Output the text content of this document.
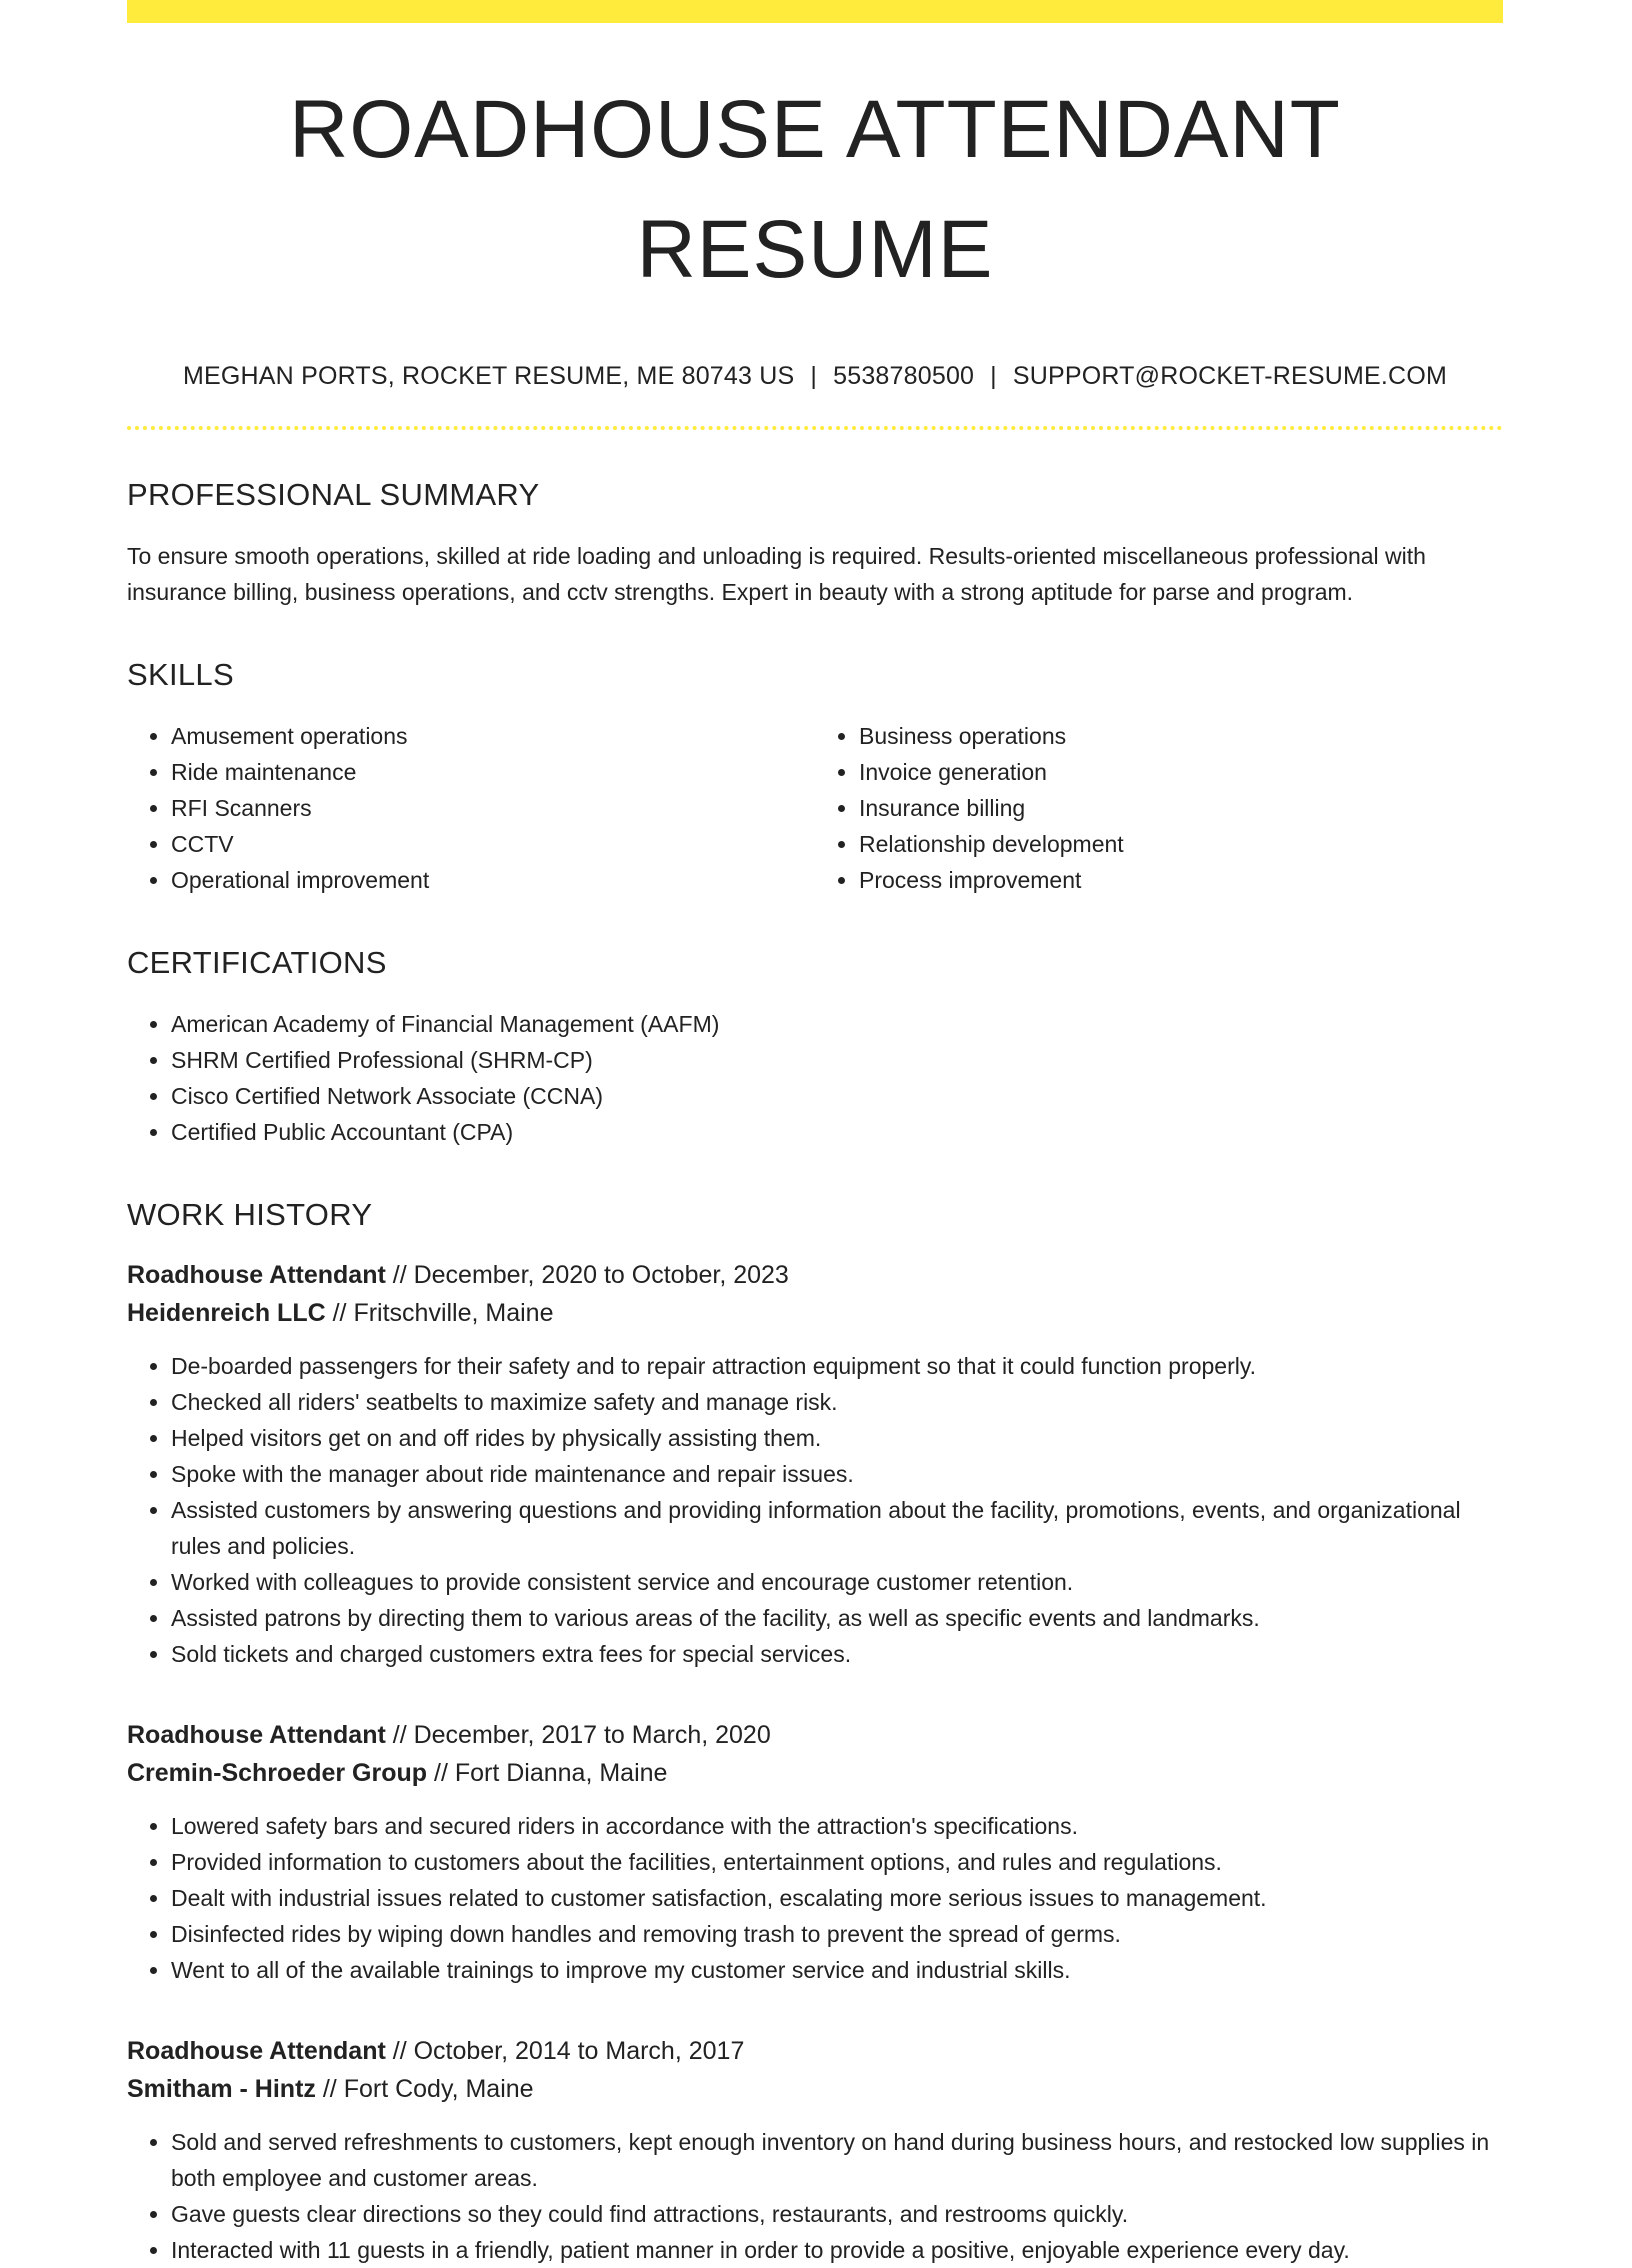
ROADHOUSE ATTENDANT RESUME
MEGHAN PORTS, ROCKET RESUME, ME 80743 US | 5538780500 | SUPPORT@ROCKET-RESUME.COM
PROFESSIONAL SUMMARY

To ensure smooth operations, skilled at ride loading and unloading is required. Results-oriented miscellaneous professional with insurance billing, business operations, and cctv strengths. Expert in beauty with a strong aptitude for parse and program.

SKILLS
• Amusement operations
• Ride maintenance
• RFI Scanners
• CCTV
• Operational improvement
• Business operations
• Invoice generation
• Insurance billing
• Relationship development
• Process improvement
CERTIFICATIONS
• American Academy of Financial Management (AAFM)
• SHRM Certified Professional (SHRM-CP)
• Cisco Certified Network Associate (CCNA)
• Certified Public Accountant (CPA)
WORK HISTORY

Roadhouse Attendant // December, 2020 to October, 2023

Heidenreich LLC // Fritschville, Maine

• De-boarded passengers for their safety and to repair attraction equipment so that it could function properly.
• Checked all riders' seatbelts to maximize safety and manage risk.
• Helped visitors get on and off rides by physically assisting them.
• Spoke with the manager about ride maintenance and repair issues.
• Assisted customers by answering questions and providing information about the facility, promotions, events, and organizational rules and policies.
• Worked with colleagues to provide consistent service and encourage customer retention.
• Assisted patrons by directing them to various areas of the facility, as well as specific events and landmarks.
• Sold tickets and charged customers extra fees for special services.

Roadhouse Attendant // December, 2017 to March, 2020

Cremin-Schroeder Group // Fort Dianna, Maine

• Lowered safety bars and secured riders in accordance with the attraction's specifications.
• Provided information to customers about the facilities, entertainment options, and rules and regulations.
• Dealt with industrial issues related to customer satisfaction, escalating more serious issues to management.
• Disinfected rides by wiping down handles and removing trash to prevent the spread of germs.
• Went to all of the available trainings to improve my customer service and industrial skills.

Roadhouse Attendant // October, 2014 to March, 2017

Smitham - Hintz // Fort Cody, Maine

• Sold and served refreshments to customers, kept enough inventory on hand during business hours, and restocked low supplies in both employee and customer areas.
• Gave guests clear directions so they could find attractions, restaurants, and restrooms quickly.
• Interacted with 11 guests in a friendly, patient manner in order to provide a positive, enjoyable experience every day.
